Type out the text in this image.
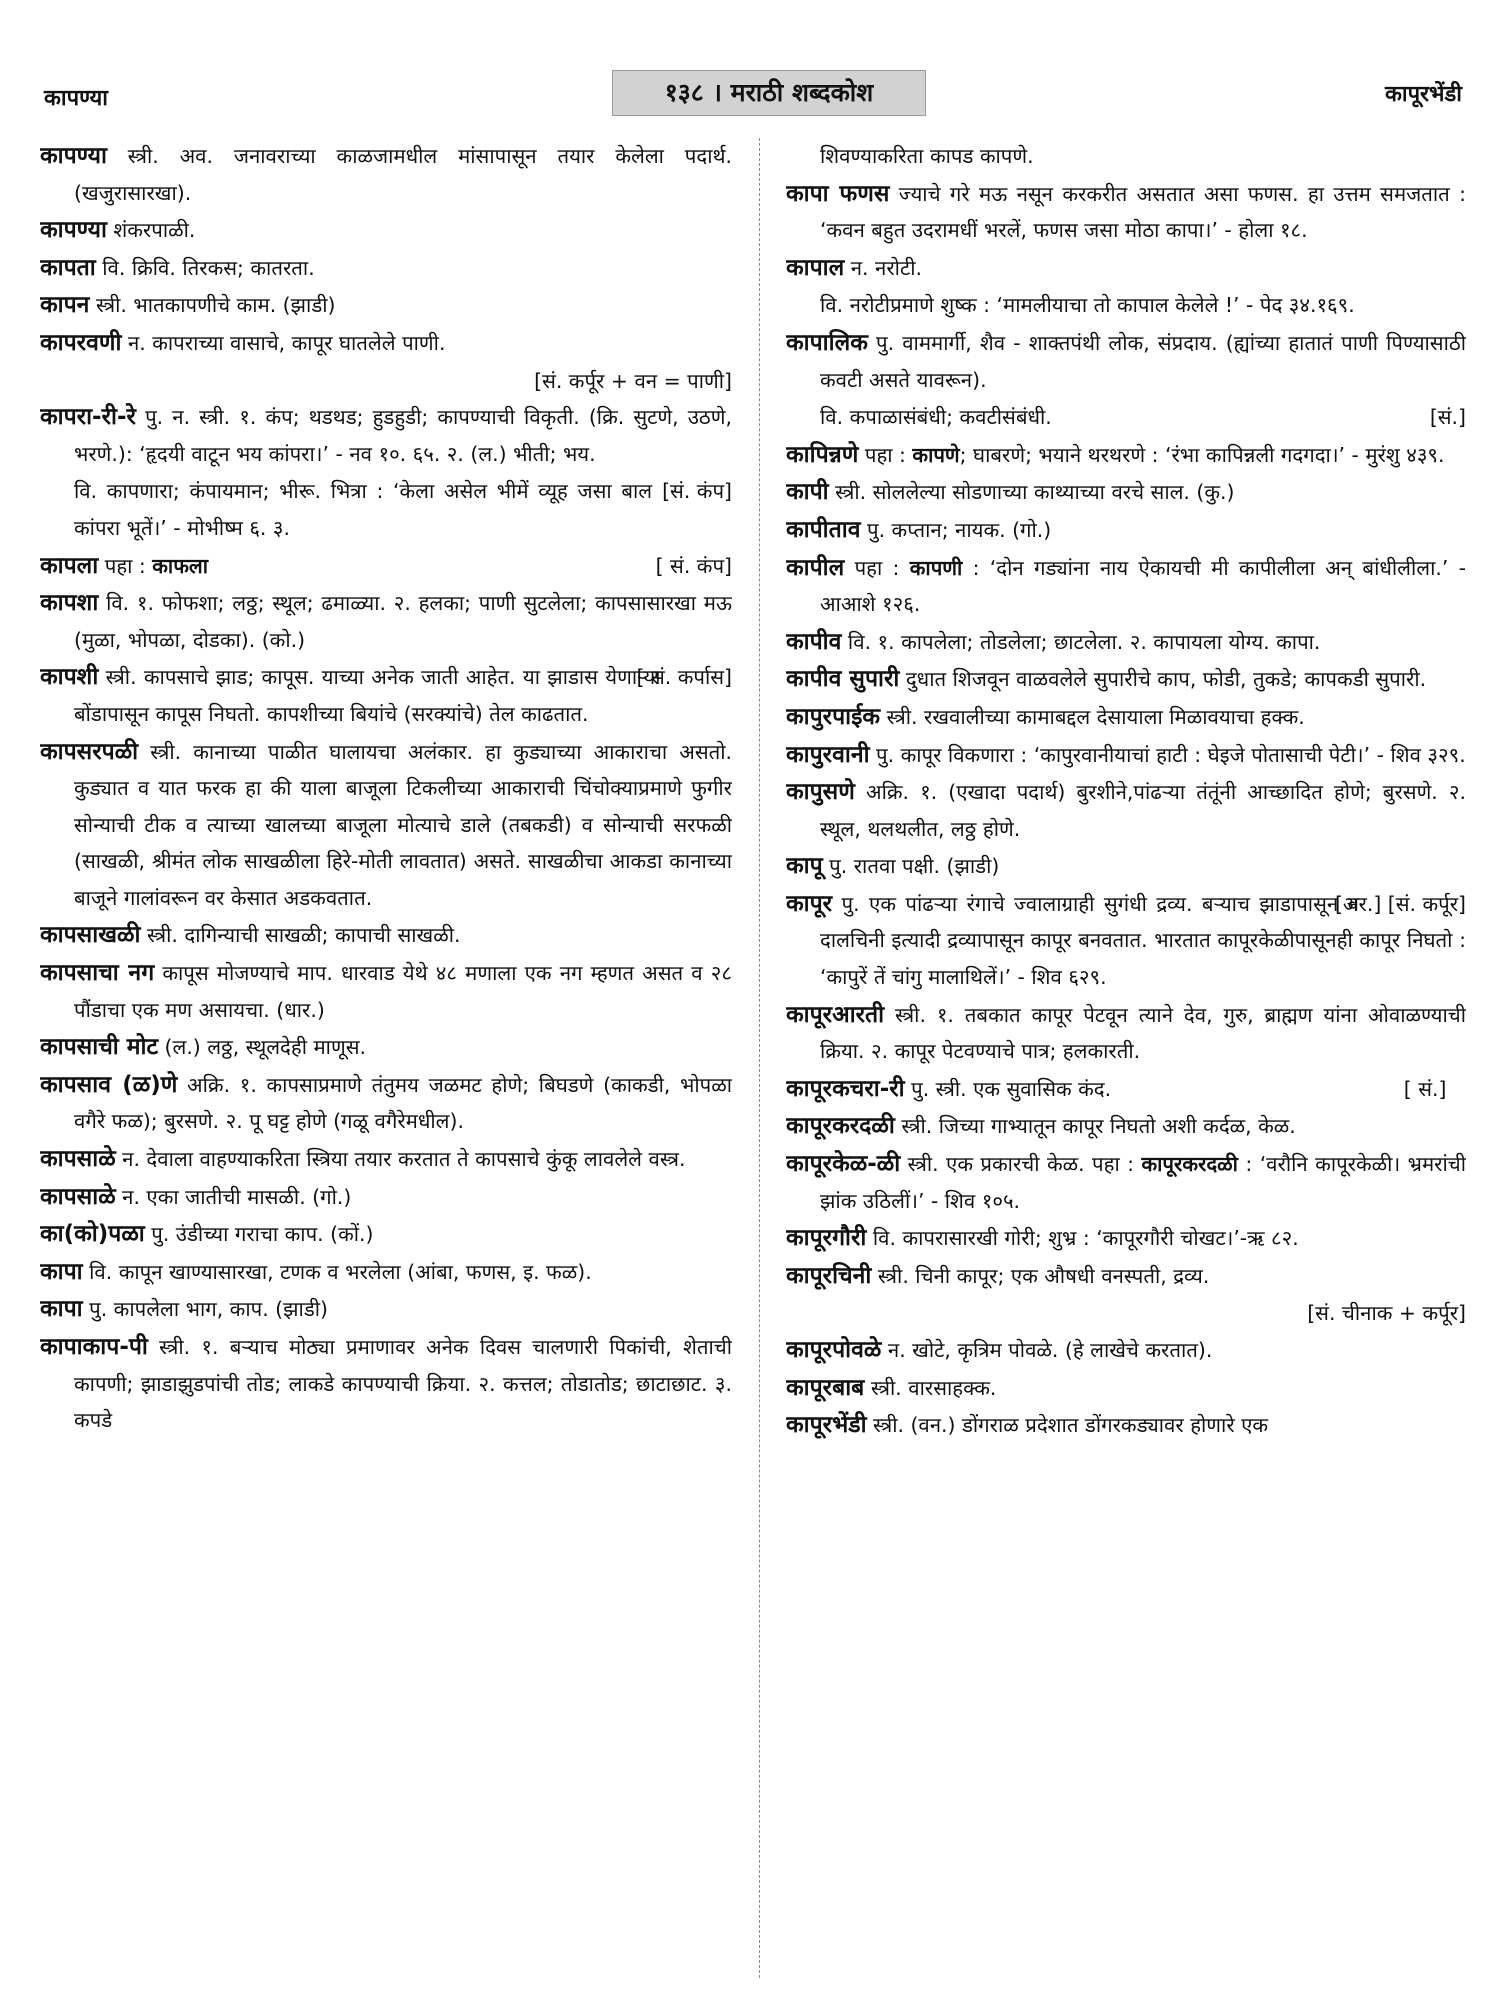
कापण्या	१३८ । मराठी शब्दकोश	कापूरभेंडी
कापण्या स्त्री. अव. जनावराच्या काळजामधील मांसापासून तयार केलेला पदार्थ. (खजुरासारखा).
कापण्या शंकरपाळी.
कापता वि. क्रिवि. तिरकस; कातरता.
कापन स्त्री. भातकापणीचे काम. (झाडी)
कापरवणी न. कापराच्या वासाचे, कापूर घातलेले पाणी.
[सं. कर्पूर + वन = पाणी]
कापरा-री-रे पु. न. स्त्री. १. कंप; थडथड; हुडहुडी; कापण्याची विकृती. (क्रि. सुटणे, उठणे, भरणे.): ‘हृदयी वाटून भय कांपरा।’ - नव १०. ६५. २. (ल.) भीती; भय.
[सं. कंप]
वि. कापणारा; कंपायमान; भीरू. भित्रा : ‘केला असेल भीमें व्यूह जसा बाल कांपरा भूतें।’ - मोभीष्म ६. ३.
[ सं. कंप]
कापला पहा : काफला
कापशा वि. १. फोफशा; लठ्ठ; स्थूल; ढमाळ्या. २. हलका; पाणी सुटलेला; कापसासारखा मऊ (मुळा, भोपळा, दोडका). (को.)
[ सं. कर्पास]
कापशी स्त्री. कापसाचे झाड; कापूस. याच्या अनेक जाती आहेत. या झाडास येणाऱ्या बोंडापासून कापूस निघतो. कापशीच्या बियांचे (सरक्यांचे) तेल काढतात.
कापसरपळी स्त्री. कानाच्या पाळीत घालायचा अलंकार. हा कुड्याच्या आकाराचा असतो. कुड्यात व यात फरक हा की याला बाजूला टिकलीच्या आकाराची चिंचोक्याप्रमाणे फुगीर सोन्याची टीक व त्याच्या खालच्या बाजूला मोत्याचे डाले (तबकडी) व सोन्याची सरफळी (साखळी, श्रीमंत लोक साखळीला हिरे-मोती लावतात) असते. साखळीचा आकडा कानाच्या बाजूने गालांवरून वर केसात अडकवतात.
कापसाखळी स्त्री. दागिन्याची साखळी; कापाची साखळी.
कापसाचा नग कापूस मोजण्याचे माप. धारवाड येथे ४८ मणाला एक नग म्हणत असत व २८ पौंडाचा एक मण असायचा. (धार.)
कापसाची मोट (ल.) लठ्ठ, स्थूलदेही माणूस.
कापसाव (ळ)णे अक्रि. १. कापसाप्रमाणे तंतुमय जळमट होणे; बिघडणे (काकडी, भोपळा वगैरे फळ); बुरसणे. २. पू घट्ट होणे (गळू वगैरेमधील).
कापसाळे न. देवाला वाहण्याकरिता स्त्रिया तयार करतात ते कापसाचे कुंकू लावलेले वस्त्र.
कापसाळे न. एका जातीची मासळी. (गो.)
का(को)पळा पु. उंडीच्या गराचा काप. (कों.)
कापा वि. कापून खाण्यासारखा, टणक व भरलेला (आंबा, फणस, इ. फळ).
कापा पु. कापलेला भाग, काप. (झाडी)
कापाकाप-पी स्त्री. १. बऱ्याच मोठ्या प्रमाणावर अनेक दिवस चालणारी पिकांची, शेताची कापणी; झाडाझुडपांची तोड; लाकडे कापण्याची क्रिया. २. कत्तल; तोडातोड; छाटाछाट. ३. कपडे
शिवण्याकरिता कापड कापणे.
कापा फणस ज्याचे गरे मऊ नसून करकरीत असतात असा फणस. हा उत्तम समजतात : ‘कवन बहुत उदरामधीं भरलें, फणस जसा मोठा कापा।’ - होला १८.
कापाल न. नरोटी.
वि. नरोटीप्रमाणे शुष्क : ‘मामलीयाचा तो कापाल केलेले !’ - पेद ३४.१६९.
कापालिक पु. वाममार्गी, शैव - शाक्तपंथी लोक, संप्रदाय. (ह्यांच्या हातातं पाणी पिण्यासाठी कवटी असते यावरून).
[सं.]
वि. कपाळासंबंधी; कवटीसंबंधी.
कापिन्नणे पहा : कापणे; घाबरणे; भयाने थरथरणे : ‘रंभा कापिन्नली गदगदा।’ - मुरंशु ४३९.
कापी स्त्री. सोललेल्या सोडणाच्या काथ्याच्या वरचे साल. (कु.)
कापीताव पु. कप्तान; नायक. (गो.)
कापील पहा : कापणी : ‘दोन गड्यांना नाय ऐकायची मी कापीलीला अन् बांधीलीला.’ - आआशे १२६.
कापीव वि. १. कापलेला; तोडलेला; छाटलेला. २. कापायला योग्य. कापा.
कापीव सुपारी दुधात शिजवून वाळवलेले सुपारीचे काप, फोडी, तुकडे; कापकडी सुपारी.
कापुरपाईक स्त्री. रखवालीच्या कामाबद्दल देसायाला मिळावयाचा हक्क.
कापुरवानी पु. कापूर विकणारा : ‘कापुरवानीयाचां हाटी : घेइजे पोतासाची पेटी।’ - शिव ३२९.
कापुसणे अक्रि. १. (एखादा पदार्थ) बुरशीने,पांढऱ्या तंतूंनी आच्छादित होणे; बुरसणे. २. स्थूल, थलथलीत, लठ्ठ होणे.
कापू पु. रातवा पक्षी. (झाडी)
[अर.] [सं. कर्पूर]
कापूर पु. एक पांढऱ्या रंगाचे ज्वालाग्राही सुगंधी द्रव्य. बऱ्याच झाडापासून व दालचिनी इत्यादी द्रव्यापासून कापूर बनवतात. भारतात कापूरकेळीपासूनही कापूर निघतो : ‘कापुरें तें चांगु मालाथिलें।’ - शिव ६२९.
कापूरआरती स्त्री. १. तबकात कापूर पेटवून त्याने देव, गुरु, ब्राह्मण यांना ओवाळण्याची क्रिया. २. कापूर पेटवण्याचे पात्र; हलकारती.
[ सं.]
कापूरकचरा-री पु. स्त्री. एक सुवासिक कंद.
कापूरकरदळी स्त्री. जिच्या गाभ्यातून कापूर निघतो अशी कर्दळ, केळ.
कापूरकेळ-ळी स्त्री. एक प्रकारची केळ. पहा : कापूरकरदळी : ‘वरौनि कापूरकेळी। भ्रमरांची झांक उठिलीं।’ - शिव १०५.
कापूरगौरी वि. कापरासारखी गोरी; शुभ्र : ‘कापूरगौरी चोखट।’-ऋ ८२.
कापूरचिनी स्त्री. चिनी कापूर; एक औषधी वनस्पती, द्रव्य.
[सं. चीनाक + कर्पूर]
कापूरपोवळे न. खोटे, कृत्रिम पोवळे. (हे लाखेचे करतात).
कापूरबाब स्त्री. वारसाहक्क.
कापूरभेंडी स्त्री. (वन.) डोंगराळ प्रदेशात डोंगरकड्यावर होणारे एक
